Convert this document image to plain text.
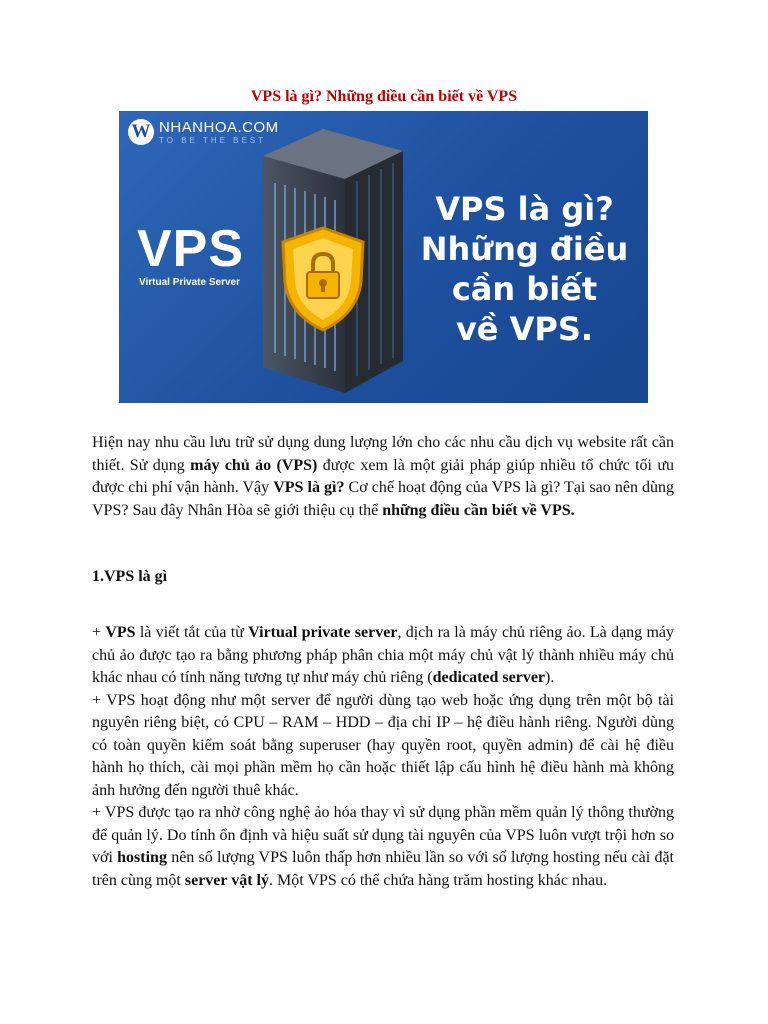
VPS là gì? Những điều cần biết về VPS
W NHANHOA.COM
TO BE THE BEST
VPS
Virtual Private Server
VPS là gì?
Những điều
cần biết
về VPS.
Hiện nay nhu cầu lưu trữ sử dụng dung lượng lớn cho các nhu cầu dịch vụ website rất cần thiết. Sử dụng máy chủ ảo (VPS) được xem là một giải pháp giúp nhiều tổ chức tối ưu được chi phí vận hành. Vậy VPS là gì? Cơ chế hoạt động của VPS là gì? Tại sao nên dùng VPS? Sau đây Nhân Hòa sẽ giới thiệu cụ thể những điều cần biết về VPS.
1.VPS là gì

+ VPS là viết tắt của từ Virtual private server, dịch ra là máy chủ riêng ảo. Là dạng máy chủ ảo được tạo ra bằng phương pháp phân chia một máy chủ vật lý thành nhiều máy chủ khác nhau có tính năng tương tự như máy chủ riêng (dedicated server).

+ VPS hoạt động như một server để người dùng tạo web hoặc ứng dụng trên một bộ tài nguyên riêng biệt, có CPU – RAM – HDD – địa chỉ IP – hệ điều hành riêng. Người dùng có toàn quyền kiểm soát bằng superuser (hay quyền root, quyền admin) để cài hệ điều hành họ thích, cài mọi phần mềm họ cần hoặc thiết lập cấu hình hệ điều hành mà không ảnh hưởng đến người thuê khác.

+ VPS được tạo ra nhờ công nghệ ảo hóa thay vì sử dụng phần mềm quản lý thông thường để quản lý. Do tính ổn định và hiệu suất sử dụng tài nguyên của VPS luôn vượt trội hơn so với hosting nên số lượng VPS luôn thấp hơn nhiều lần so với số lượng hosting nếu cài đặt trên cùng một server vật lý. Một VPS có thể chứa hàng trăm hosting khác nhau.
